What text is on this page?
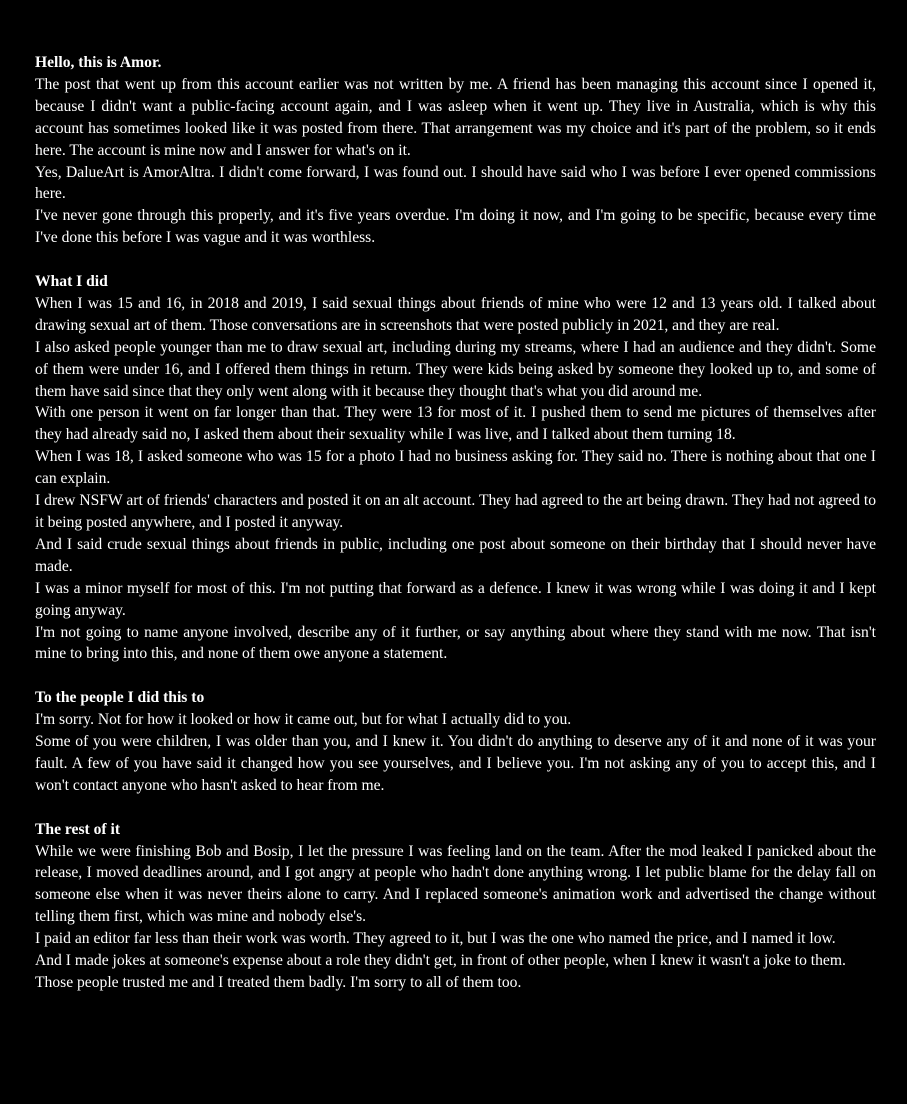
Hello, this is Amor.

The post that went up from this account earlier was not written by me. A friend has been managing this account since I opened it, because I didn't want a public-facing account again, and I was asleep when it went up. They live in Australia, which is why this account has sometimes looked like it was posted from there. That arrangement was my choice and it's part of the problem, so it ends here. The account is mine now and I answer for what's on it.

Yes, DalueArt is AmorAltra. I didn't come forward, I was found out. I should have said who I was before I ever opened commissions here.

I've never gone through this properly, and it's five years overdue. I'm doing it now, and I'm going to be specific, because every time I've done this before I was vague and it was worthless.

What I did

When I was 15 and 16, in 2018 and 2019, I said sexual things about friends of mine who were 12 and 13 years old. I talked about drawing sexual art of them. Those conversations are in screenshots that were posted publicly in 2021, and they are real.

I also asked people younger than me to draw sexual art, including during my streams, where I had an audience and they didn't. Some of them were under 16, and I offered them things in return. They were kids being asked by someone they looked up to, and some of them have said since that they only went along with it because they thought that's what you did around me.

With one person it went on far longer than that. They were 13 for most of it. I pushed them to send me pictures of themselves after they had already said no, I asked them about their sexuality while I was live, and I talked about them turning 18.

When I was 18, I asked someone who was 15 for a photo I had no business asking for. They said no. There is nothing about that one I can explain.

I drew NSFW art of friends' characters and posted it on an alt account. They had agreed to the art being drawn. They had not agreed to it being posted anywhere, and I posted it anyway.

And I said crude sexual things about friends in public, including one post about someone on their birthday that I should never have made.

I was a minor myself for most of this. I'm not putting that forward as a defence. I knew it was wrong while I was doing it and I kept going anyway.

I'm not going to name anyone involved, describe any of it further, or say anything about where they stand with me now. That isn't mine to bring into this, and none of them owe anyone a statement.

To the people I did this to

I'm sorry. Not for how it looked or how it came out, but for what I actually did to you.

Some of you were children, I was older than you, and I knew it. You didn't do anything to deserve any of it and none of it was your fault. A few of you have said it changed how you see yourselves, and I believe you. I'm not asking any of you to accept this, and I won't contact anyone who hasn't asked to hear from me.

The rest of it

While we were finishing Bob and Bosip, I let the pressure I was feeling land on the team. After the mod leaked I panicked about the release, I moved deadlines around, and I got angry at people who hadn't done anything wrong. I let public blame for the delay fall on someone else when it was never theirs alone to carry. And I replaced someone's animation work and advertised the change without telling them first, which was mine and nobody else's.

I paid an editor far less than their work was worth. They agreed to it, but I was the one who named the price, and I named it low.

And I made jokes at someone's expense about a role they didn't get, in front of other people, when I knew it wasn't a joke to them.

Those people trusted me and I treated them badly. I'm sorry to all of them too.
